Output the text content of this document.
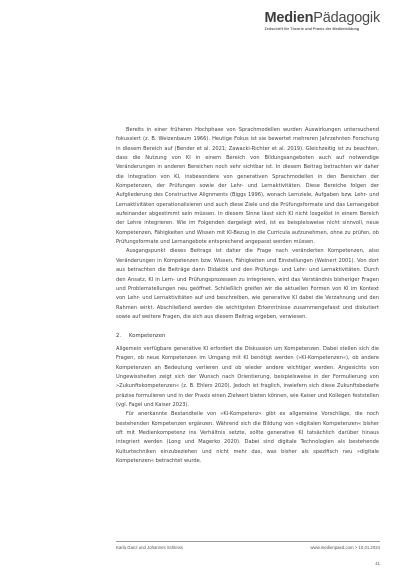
MedienPädagogik
Zeitschrift für Theorie und Praxis der Medienbildung

Bereits in einer früheren Hochphase von Sprachmodellen wurden Auswirkungen untersuchend fokussiert (z. B. Weizenbaum 1966). Heutige Fokus ist sie bewertet mehreren Jahrzehnten Forschung in diesem Bereich auf (Bender et al. 2021; Zawacki-Richter et al. 2019). Gleichzeitig ist zu beachten, dass die Nutzung von KI in einem Bereich von Bildungsangeboten auch auf notwendige Veränderungen in anderen Bereichen noch sehr sichtbar ist. In diesem Beitrag betrachten wir daher die Integration von KI, insbesondere von generativen Sprachmodellen in den Bereichen der Kompetenzen, der Prüfungen sowie der Lehr- und Lernaktivitäten. Diese Bereiche folgen der Aufgliederung des Constructive Alignments (Biggs 1996), wonach Lernziele, Aufgaben bzw. Lehr- und Lernaktivitäten operationalisieren und auch diese Ziele und die Prüfungsformate und das Lernangebot aufeinander abgestimmt sein müssen. In diesem Sinne lässt sich KI nicht losgelöst in einem Bereich der Lehre integrieren. Wie im Folgenden dargelegt wird, ist es beispielsweise nicht sinnvoll, neue Kompetenzen, Fähigkeiten und Wissen mit KI-Bezug in die Curricula aufzunehmen, ohne zu prüfen, ob Prüfungsformate und Lernangebote entsprechend angepasst werden müssen.

Ausgangspunkt dieses Beitrags ist daher die Frage nach veränderten Kompetenzen, also Veränderungen in Kompetenzen bzw. Wissen, Fähigkeiten und Einstellungen (Weinert 2001). Von dort aus betrachten die Beiträge dann Didaktik und den Prüfungs- und Lehr- und Lernaktivitäten. Durch den Ansatz, KI in Lern- und Prüfungsprozessen zu integrieren, wird das Verständnis bisheriger Fragen und Problemstellungen neu geöffnet. Schließlich greifen wir die aktuellen Formen von KI im Kontext von Lehr- und Lernaktivitäten auf und beschreiben, wie generative KI dabei die Verzahnung und den Rahmen wirkt. Abschließend werden die wichtigsten Erkenntnisse zusammengefasst und diskutiert sowie auf weitere Fragen, die sich aus diesem Beitrag ergeben, verwiesen.

2. Kompetenzen

Allgemein verfügbare generative KI erfordert die Diskussion um Kompetenzen. Dabei stellen sich die Fragen, ob neue Kompetenzen im Umgang mit KI benötigt werden (»KI-Kompetenzen«), ob andere Kompetenzen an Bedeutung verlieren und ob wieder andere wichtiger werden. Angesichts von Ungewissheiten zeigt sich der Wunsch nach Orientierung, beispielsweise in der Formulierung von »Zukunftskompetenzen« (z. B. Ehlers 2020). Jedoch ist fraglich, inwiefern sich diese Zukunftsbedarfe präzise formulieren und in der Praxis einen Zielwert bieten können, wie Kaiser und Kollegen feststellen (vgl. Fagel und Kaiser 2023).

Für anerkannte Bestandteile von »KI-Kompetenz« gibt es allgemeine Vorschläge, die noch bestehenden Kompetenzen ergänzen. Während sich die Bildung von »digitalen Kompetenzen« bisher oft mit Medienkompetenz ins Verhältnis setzte, sollte generative KI tatsächlich darüber hinaus integriert werden (Long und Magerko 2020). Dabei sind digitale Technologien als bestehende Kulturtechniken einzubeziehen und nicht mehr das, was bisher als spezifisch neu »digitale Kompetenzen« betrachtet wurde.

Karla Ganz und Johannes Schleiss	www.medienpaed.com > 10.01.2024
41
